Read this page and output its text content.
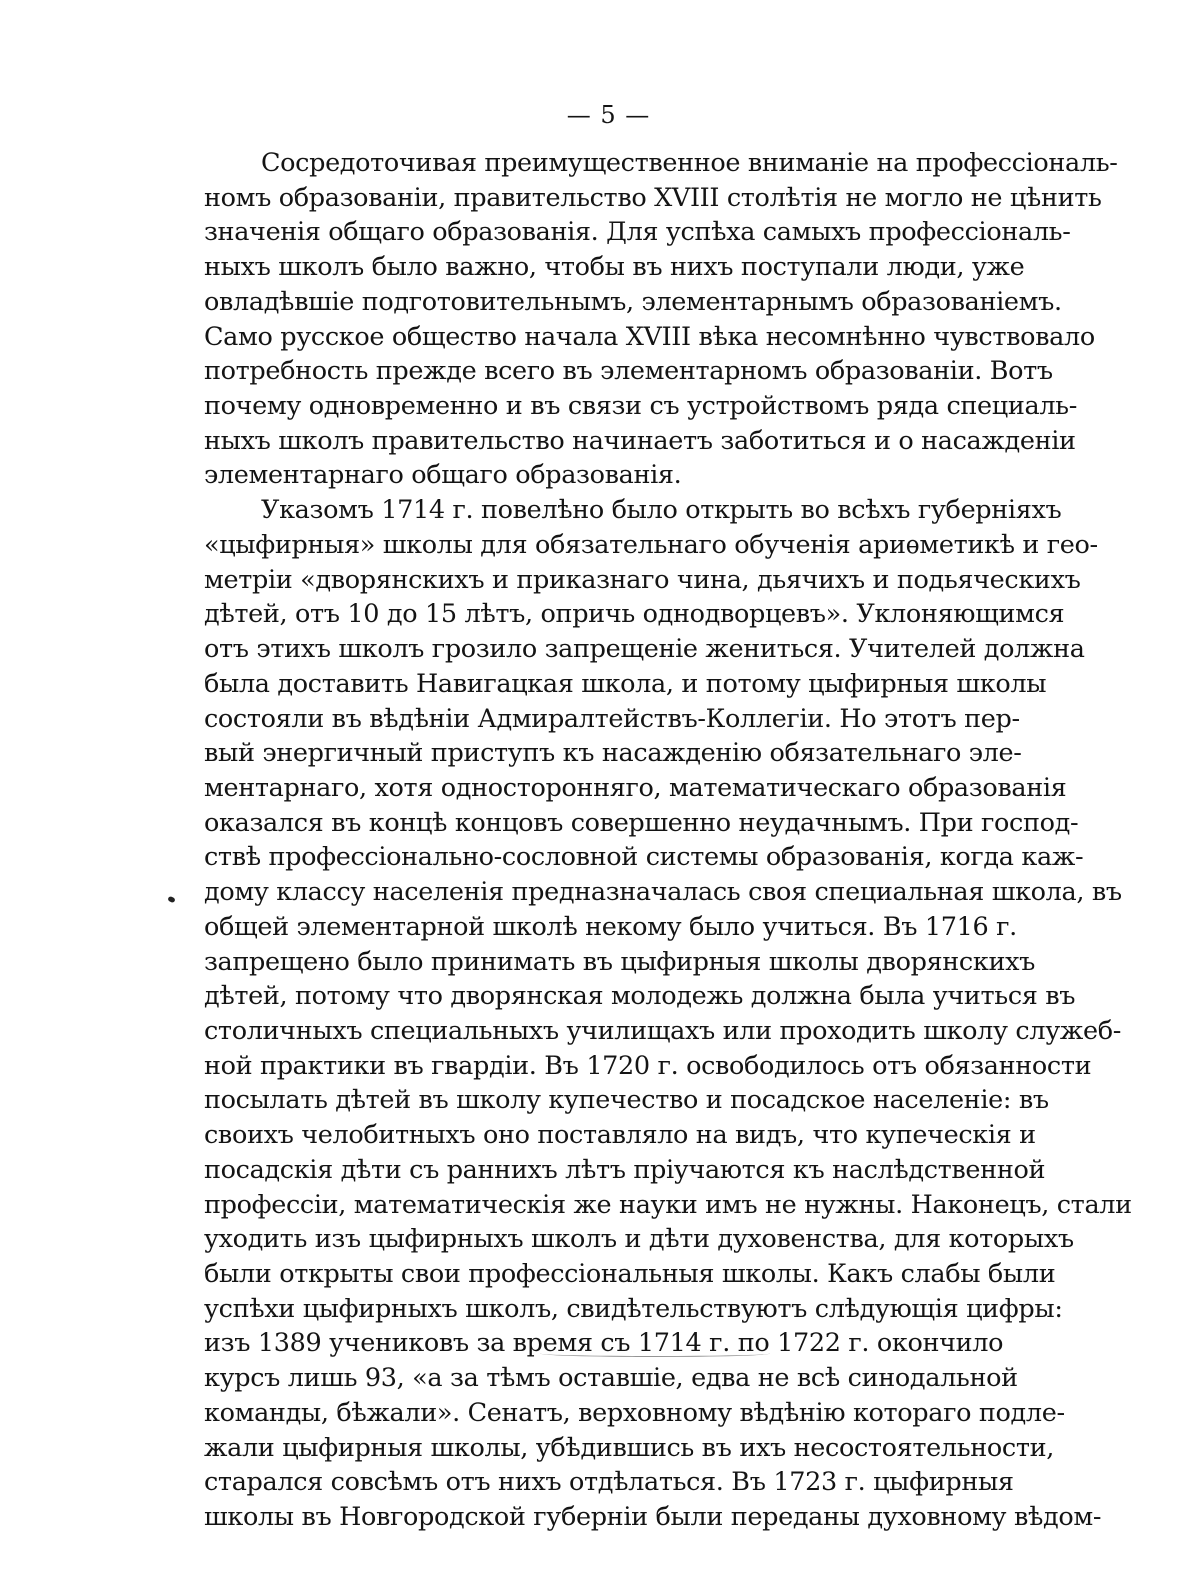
— 5 —
Сосредоточивая преимущественное вниманіе на профессіональ-
номъ образованіи, правительство XVIII столѣтія не могло не цѣнить
значенія общаго образованія. Для успѣха самыхъ профессіональ-
ныхъ школъ было важно, чтобы въ нихъ поступали люди, уже
овладѣвшіе подготовительнымъ, элементарнымъ образованіемъ.
Само русское общество начала XVIII вѣка несомнѣнно чувствовало
потребность прежде всего въ элементарномъ образованіи. Вотъ
почему одновременно и въ связи съ устройствомъ ряда специаль-
ныхъ школъ правительство начинаетъ заботиться и о насажденіи
элементарнаго общаго образованія.
Указомъ 1714 г. повелѣно было открыть во всѣхъ губерніяхъ
«цыфирныя» школы для обязательнаго обученія ариѳметикѣ и гео-
метріи «дворянскихъ и приказнаго чина, дьячихъ и подьяческихъ
дѣтей, отъ 10 до 15 лѣтъ, опричь однодворцевъ». Уклоняющимся
отъ этихъ школъ грозило запрещеніе жениться. Учителей должна
была доставить Навигацкая школа, и потому цыфирныя школы
состояли въ вѣдѣніи Адмиралтействъ-Коллегіи. Но этотъ пер-
вый энергичный приступъ къ насажденію обязательнаго эле-
ментарнаго, хотя односторонняго, математическаго образованія
оказался въ концѣ концовъ совершенно неудачнымъ. При господ-
ствѣ профессіонально-сословной системы образованія, когда каж-
дому классу населенія предназначалась своя специальная школа, въ
общей элементарной школѣ некому было учиться. Въ 1716 г.
запрещено было принимать въ цыфирныя школы дворянскихъ
дѣтей, потому что дворянская молодежь должна была учиться въ
столичныхъ специальныхъ училищахъ или проходить школу служеб-
ной практики въ гвардіи. Въ 1720 г. освободилось отъ обязанности
посылать дѣтей въ школу купечество и посадское населеніе: въ
своихъ челобитныхъ оно поставляло на видъ, что купеческія и
посадскія дѣти съ раннихъ лѣтъ пріучаются къ наслѣдственной
профессіи, математическія же науки имъ не нужны. Наконецъ, стали
уходить изъ цыфирныхъ школъ и дѣти духовенства, для которыхъ
были открыты свои профессіональныя школы. Какъ слабы были
успѣхи цыфирныхъ школъ, свидѣтельствуютъ слѣдующія цифры:
изъ 1389 учениковъ за время съ 1714 г. по 1722 г. окончило
курсъ лишь 93, «а за тѣмъ оставшіе, едва не всѣ синодальной
команды, бѣжали». Сенатъ, верховному вѣдѣнію котораго подле-
жали цыфирныя школы, убѣдившись въ ихъ несостоятельности,
старался совсѣмъ отъ нихъ отдѣлаться. Въ 1723 г. цыфирныя
школы въ Новгородской губерніи были переданы духовному вѣдом-
